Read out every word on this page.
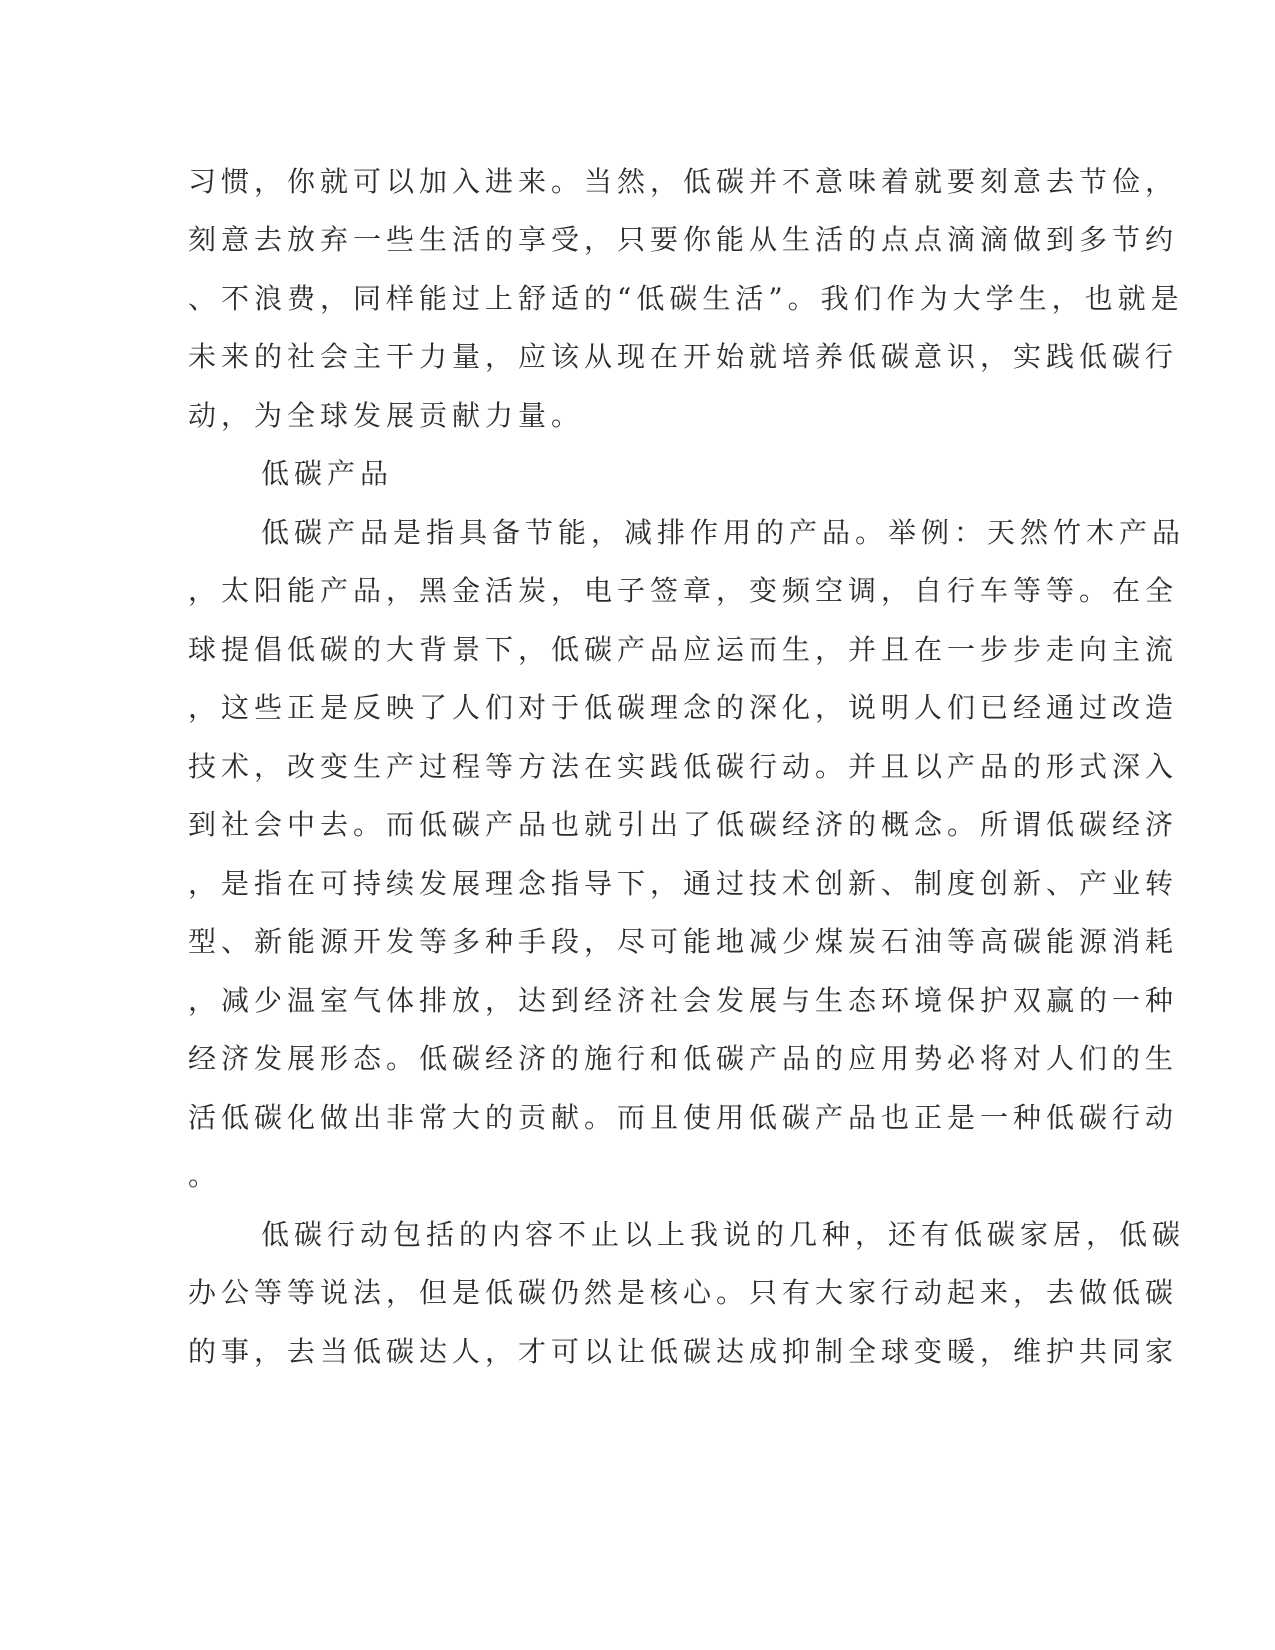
习惯，你就可以加入进来。当然，低碳并不意味着就要刻意去节俭，
刻意去放弃一些生活的享受，只要你能从生活的点点滴滴做到多节约
、不浪费，同样能过上舒适的“低碳生活”。我们作为大学生，也就是
未来的社会主干力量，应该从现在开始就培养低碳意识，实践低碳行
动，为全球发展贡献力量。
低碳产品
低碳产品是指具备节能，减排作用的产品。举例：天然竹木产品
，太阳能产品，黑金活炭，电子签章，变频空调，自行车等等。在全
球提倡低碳的大背景下，低碳产品应运而生，并且在一步步走向主流
，这些正是反映了人们对于低碳理念的深化，说明人们已经通过改造
技术，改变生产过程等方法在实践低碳行动。并且以产品的形式深入
到社会中去。而低碳产品也就引出了低碳经济的概念。所谓低碳经济
，是指在可持续发展理念指导下，通过技术创新、制度创新、产业转
型、新能源开发等多种手段，尽可能地减少煤炭石油等高碳能源消耗
，减少温室气体排放，达到经济社会发展与生态环境保护双赢的一种
经济发展形态。低碳经济的施行和低碳产品的应用势必将对人们的生
活低碳化做出非常大的贡献。而且使用低碳产品也正是一种低碳行动
。
低碳行动包括的内容不止以上我说的几种，还有低碳家居，低碳
办公等等说法，但是低碳仍然是核心。只有大家行动起来，去做低碳
的事，去当低碳达人，才可以让低碳达成抑制全球变暖，维护共同家
